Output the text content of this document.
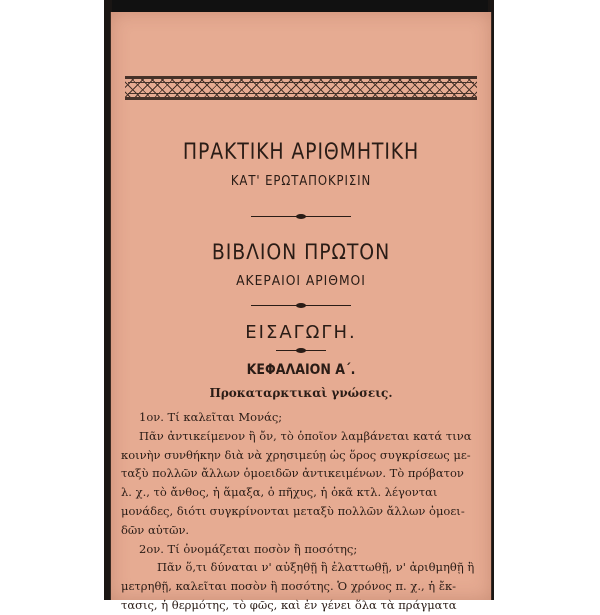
ΠΡΑΚΤΙΚΗ ΑΡΙΘΜΗΤΙΚΗ
ΚΑΤ' ΕΡΩΤΑΠΟΚΡΙΣΙΝ
ΒΙΒΛΙΟΝ ΠΡΩΤΟΝ
ΑΚΕΡΑΙΟΙ ΑΡΙΘΜΟΙ
ΕΙΣΑΓΩΓΗ.
ΚΕΦΑΛΑΙΟΝ Α΄.
Προκαταρκτικαὶ γνώσεις.
1ον. Τί καλεῖται Μονάς;
Πᾶν ἀντικείμενον ἢ ὄν, τὸ ὁποῖον λαμβάνεται κατά τινα
κοινὴν συνθήκην διὰ νὰ χρησιμεύῃ ὡς ὅρος συγκρίσεως με-
ταξὺ πολλῶν ἄλλων ὁμοειδῶν ἀντικειμένων. Τὸ πρόβατον
λ. χ., τὸ ἄνθος, ἡ ἅμαξα, ὁ πῆχυς, ἡ ὀκᾶ κτλ. λέγονται
μονάδες, διότι συγκρίνονται μεταξὺ πολλῶν ἄλλων ὁμοει-
δῶν αὐτῶν.
2ον. Τί ὀνομάζεται ποσὸν ἢ ποσότης;
Πᾶν ὅ,τι δύναται ν' αὐξηθῇ ἢ ἐλαττωθῇ, ν' ἀριθμηθῇ ἢ
μετρηθῇ, καλεῖται ποσὸν ἢ ποσότης. Ὁ χρόνος π. χ., ἡ ἔκ-
τασις, ἡ θερμότης, τὸ φῶς, καὶ ἐν γένει ὅλα τὰ πράγματα
